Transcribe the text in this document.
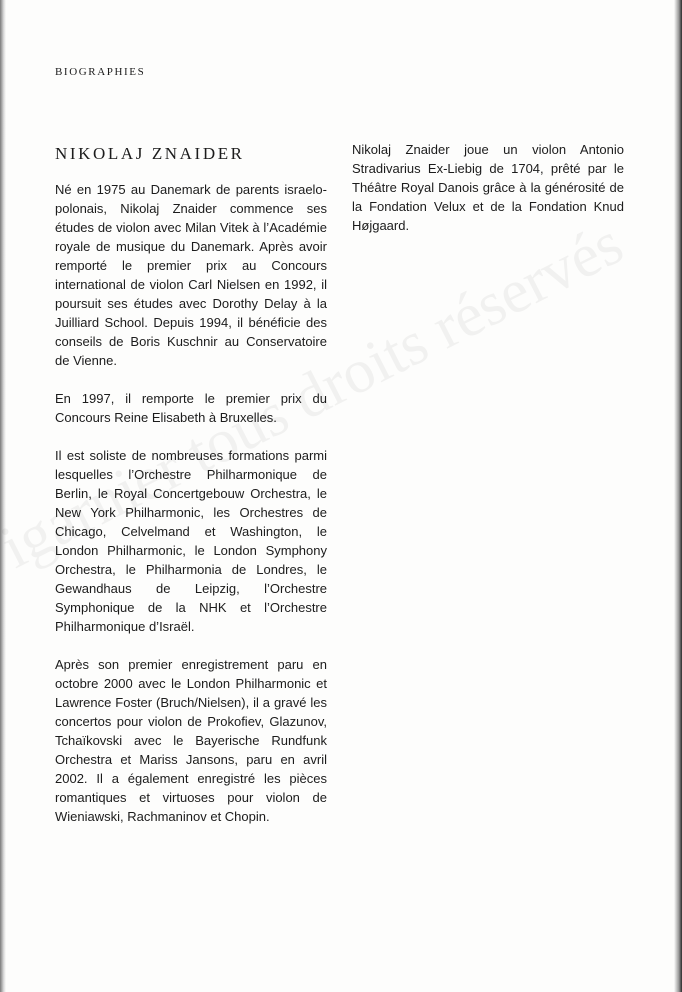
BIOGRAPHIES
NIKOLAJ ZNAIDER

Né en 1975 au Danemark de parents israelo-polonais, Nikolaj Znaider commence ses études de violon avec Milan Vitek à l’Académie royale de musique du Danemark. Après avoir remporté le premier prix au Concours international de violon Carl Nielsen en 1992, il poursuit ses études avec Dorothy Delay à la Juilliard School. Depuis 1994, il bénéficie des conseils de Boris Kuschnir au Conservatoire de Vienne.

En 1997, il remporte le premier prix du Concours Reine Elisabeth à Bruxelles.

Il est soliste de nombreuses formations parmi lesquelles l’Orchestre Philharmonique de Berlin, le Royal Concertgebouw Orchestra, le New York Philharmonic, les Orchestres de Chicago, Celvelmand et Washington, le London Philharmonic, le London Symphony Orchestra, le Philharmonia de Londres, le Gewandhaus de Leipzig, l’Orchestre Symphonique de la NHK et l’Orchestre Philharmonique d’Israël.

Après son premier enregistrement paru en octobre 2000 avec le London Philharmonic et Lawrence Foster (Bruch/Nielsen), il a gravé les concertos pour violon de Prokofiev, Glazunov, Tchaïkovski avec le Bayerische Rundfunk Orchestra et Mariss Jansons, paru en avril 2002. Il a également enregistré les pièces romantiques et virtuoses pour violon de Wieniawski, Rachmaninov et Chopin.

Nikolaj Znaider joue un violon Antonio Stradivarius Ex-Liebig de 1704, prêté par le Théâtre Royal Danois grâce à la générosité de la Fondation Velux et de la Fondation Knud Højgaard.
